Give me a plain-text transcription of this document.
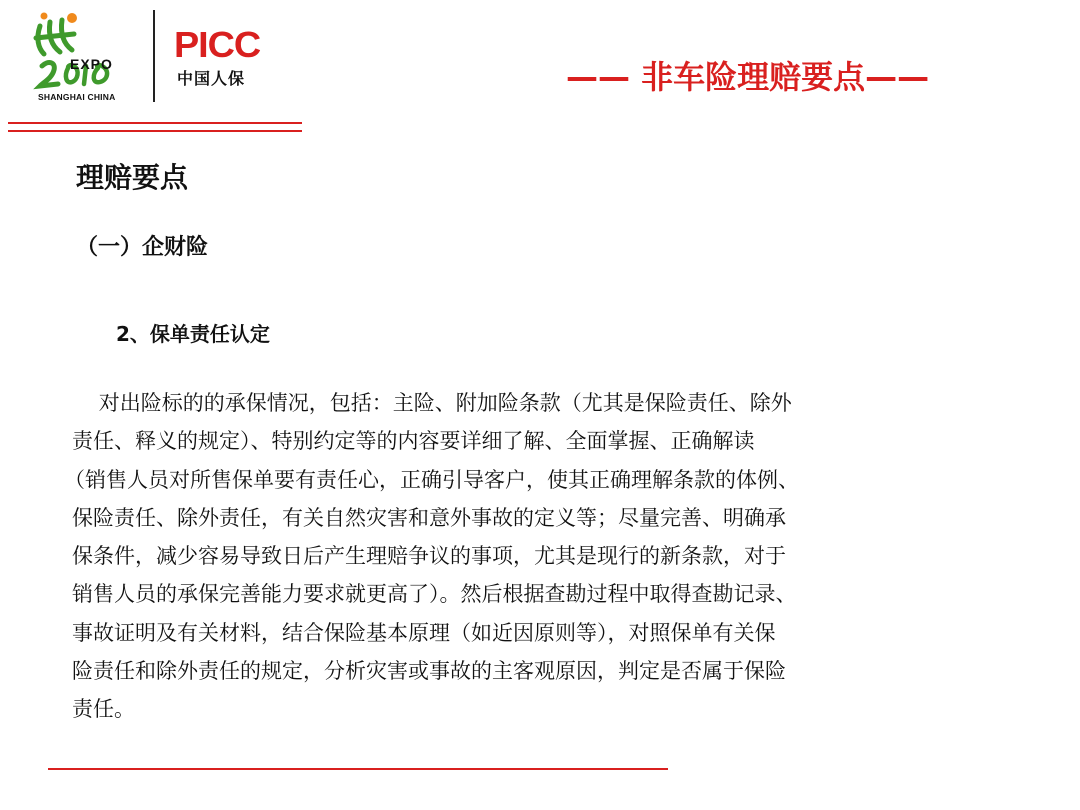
EXPO
SHANGHAI CHINA
PICC
中国人保	—— 非车险理赔要点——
理赔要点
（一）企财险
2、保单责任认定
对出险标的的承保情况，包括：主险、附加险条款（尤其是保险责任、除外
责任、释义的规定）、特别约定等的内容要详细了解、全面掌握、正确解读
（销售人员对所售保单要有责任心，正确引导客户，使其正确理解条款的体例、
保险责任、除外责任，有关自然灾害和意外事故的定义等；尽量完善、明确承
保条件，减少容易导致日后产生理赔争议的事项，尤其是现行的新条款，对于
销售人员的承保完善能力要求就更高了）。然后根据查勘过程中取得查勘记录、
事故证明及有关材料，结合保险基本原理（如近因原则等），对照保单有关保
险责任和除外责任的规定，分析灾害或事故的主客观原因，判定是否属于保险
责任。
